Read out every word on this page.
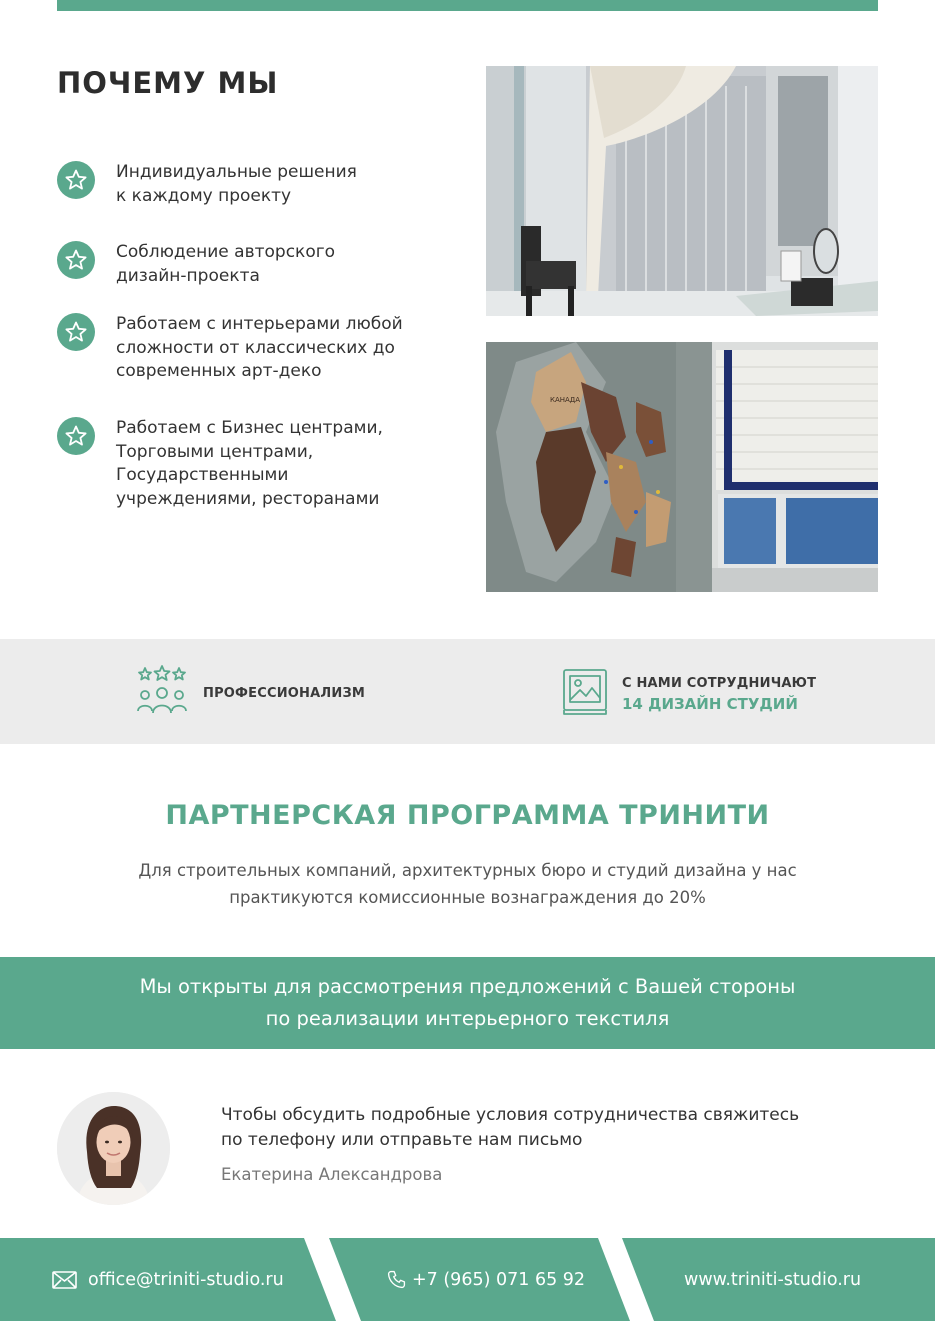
ПОЧЕМУ МЫ
Индивидуальные решения
к каждому проекту
Соблюдение авторского
дизайн-проекта
Работаем с интерьерами любой
сложности от классических до
современных арт-деко
Работаем с Бизнес центрами,
Торговыми центрами,
Государственными
учреждениями, ресторанами
КАНАДА
ПРОФЕССИОНАЛИЗМ
С НАМИ СОТРУДНИЧАЮТ
14 ДИЗАЙН СТУДИЙ
ПАРТНЕРСКАЯ ПРОГРАММА ТРИНИТИ
Для строительных компаний, архитектурных бюро и студий дизайна у нас
практикуются комиссионные вознаграждения до 20%
Мы открыты для рассмотрения предложений с Вашей стороны
по реализации интерьерного текстиля
Чтобы обсудить подробные условия сотрудничества свяжитесь
по телефону или отправьте нам письмо
Екатерина Александрова
office@triniti-studio.ru	+7 (965) 071 65 92	www.triniti-studio.ru
